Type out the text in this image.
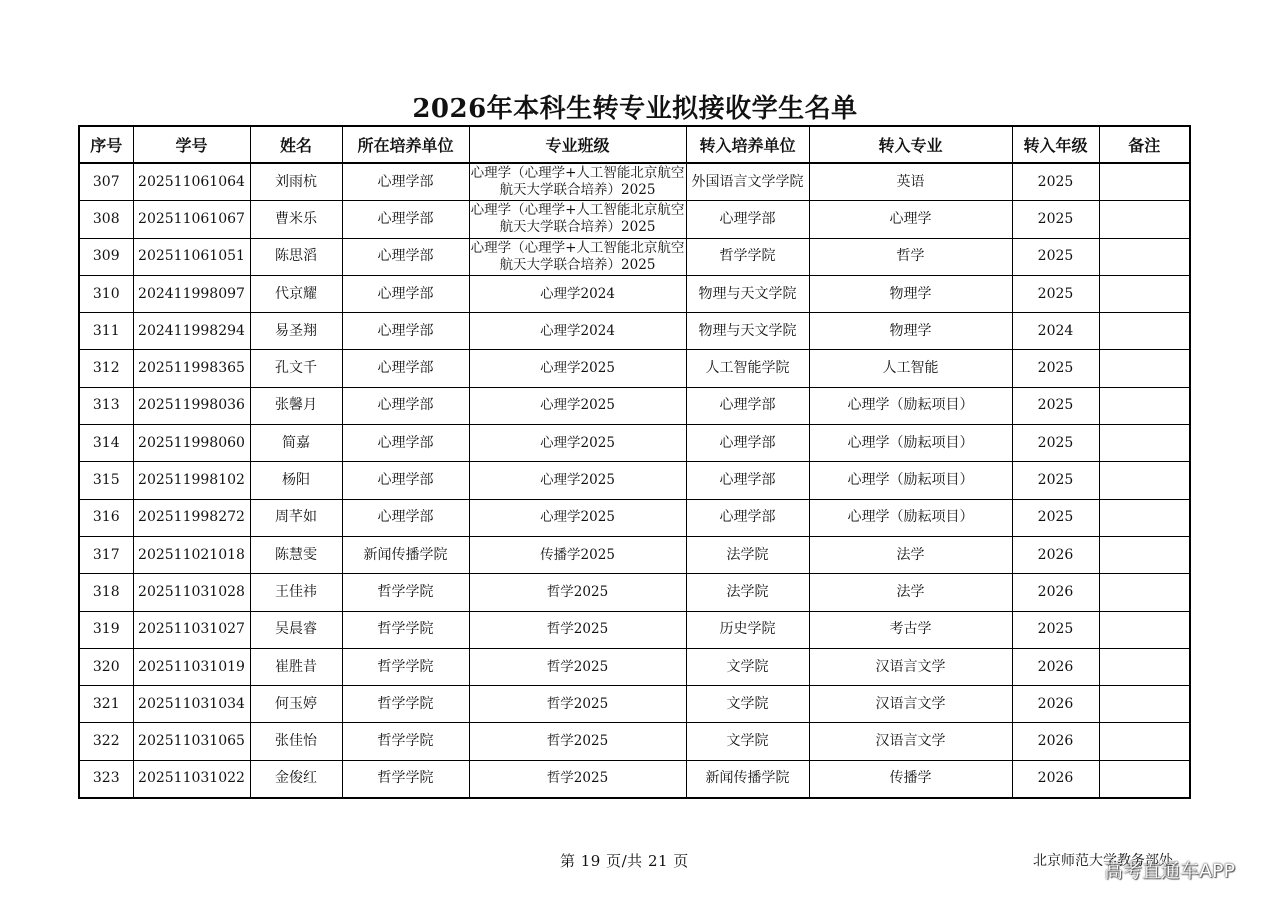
2026年本科生转专业拟接收学生名单
序号	学号	姓名	所在培养单位	专业班级	转入培养单位	转入专业	转入年级	备注
307	202511061064	刘雨杭	心理学部	心理学（心理学+人工智能北京航空航天大学联合培养）2025	外国语言文学学院	英语	2025	
308	202511061067	曹米乐	心理学部	心理学（心理学+人工智能北京航空航天大学联合培养）2025	心理学部	心理学	2025	
309	202511061051	陈思滔	心理学部	心理学（心理学+人工智能北京航空航天大学联合培养）2025	哲学学院	哲学	2025	
310	202411998097	代京耀	心理学部	心理学2024	物理与天文学院	物理学	2025	
311	202411998294	易圣翔	心理学部	心理学2024	物理与天文学院	物理学	2024	
312	202511998365	孔文千	心理学部	心理学2025	人工智能学院	人工智能	2025	
313	202511998036	张馨月	心理学部	心理学2025	心理学部	心理学（励耘项目）	2025	
314	202511998060	简嘉	心理学部	心理学2025	心理学部	心理学（励耘项目）	2025	
315	202511998102	杨阳	心理学部	心理学2025	心理学部	心理学（励耘项目）	2025	
316	202511998272	周芊如	心理学部	心理学2025	心理学部	心理学（励耘项目）	2025	
317	202511021018	陈慧雯	新闻传播学院	传播学2025	法学院	法学	2026	
318	202511031028	王佳祎	哲学学院	哲学2025	法学院	法学	2026	
319	202511031027	吴晨睿	哲学学院	哲学2025	历史学院	考古学	2025	
320	202511031019	崔胜昔	哲学学院	哲学2025	文学院	汉语言文学	2026	
321	202511031034	何玉婷	哲学学院	哲学2025	文学院	汉语言文学	2026	
322	202511031065	张佳怡	哲学学院	哲学2025	文学院	汉语言文学	2026	
323	202511031022	金俊红	哲学学院	哲学2025	新闻传播学院	传播学	2026	
第 19 页/共 21 页	北京师范大学教务部处
高考直通车APP
